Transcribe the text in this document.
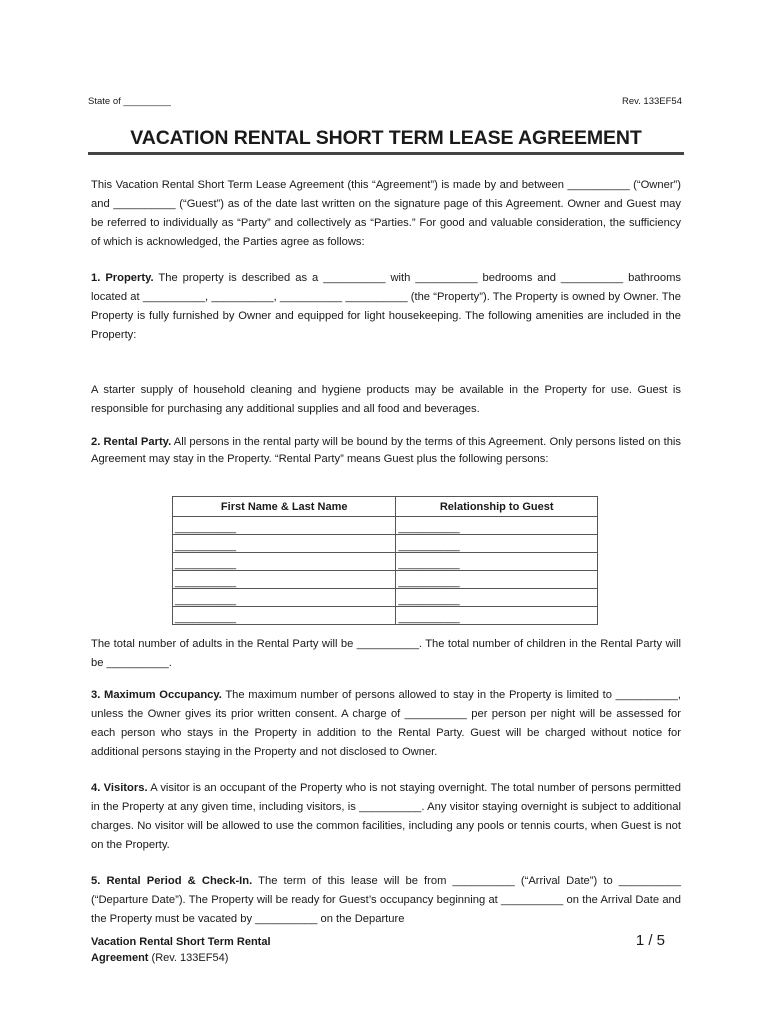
State of _________	Rev. 133EF54
VACATION RENTAL SHORT TERM LEASE AGREEMENT

This Vacation Rental Short Term Lease Agreement (this “Agreement”) is made by and between __________ (“Owner”) and __________ (“Guest”) as of the date last written on the signature page of this Agreement. Owner and Guest may be referred to individually as “Party” and collectively as “Parties.” For good and valuable consideration, the sufficiency of which is acknowledged, the Parties agree as follows:

1. Property. The property is described as a __________ with __________ bedrooms and __________ bathrooms located at __________, __________, __________ __________ (the “Property”). The Property is owned by Owner. The Property is fully furnished by Owner and equipped for light housekeeping. The following amenities are included in the Property:

A starter supply of household cleaning and hygiene products may be available in the Property for use. Guest is responsible for purchasing any additional supplies and all food and beverages.

2. Rental Party. All persons in the rental party will be bound by the terms of this Agreement. Only persons listed on this Agreement may stay in the Property. “Rental Party” means Guest plus the following persons:

First Name & Last Name	Relationship to Guest
__________	__________
__________	__________
__________	__________
__________	__________
__________	__________
__________	__________

The total number of adults in the Rental Party will be __________. The total number of children in the Rental Party will be __________.

3. Maximum Occupancy. The maximum number of persons allowed to stay in the Property is limited to __________, unless the Owner gives its prior written consent. A charge of __________ per person per night will be assessed for each person who stays in the Property in addition to the Rental Party. Guest will be charged without notice for additional persons staying in the Property and not disclosed to Owner.

4. Visitors. A visitor is an occupant of the Property who is not staying overnight. The total number of persons permitted in the Property at any given time, including visitors, is __________. Any visitor staying overnight is subject to additional charges. No visitor will be allowed to use the common facilities, including any pools or tennis courts, when Guest is not on the Property.

5. Rental Period & Check-In. The term of this lease will be from __________ (“Arrival Date”) to __________ (“Departure Date”). The Property will be ready for Guest’s occupancy beginning at __________ on the Arrival Date and the Property must be vacated by __________ on the Departure

Vacation Rental Short Term Rental
Agreement (Rev. 133EF54)
1 / 5
